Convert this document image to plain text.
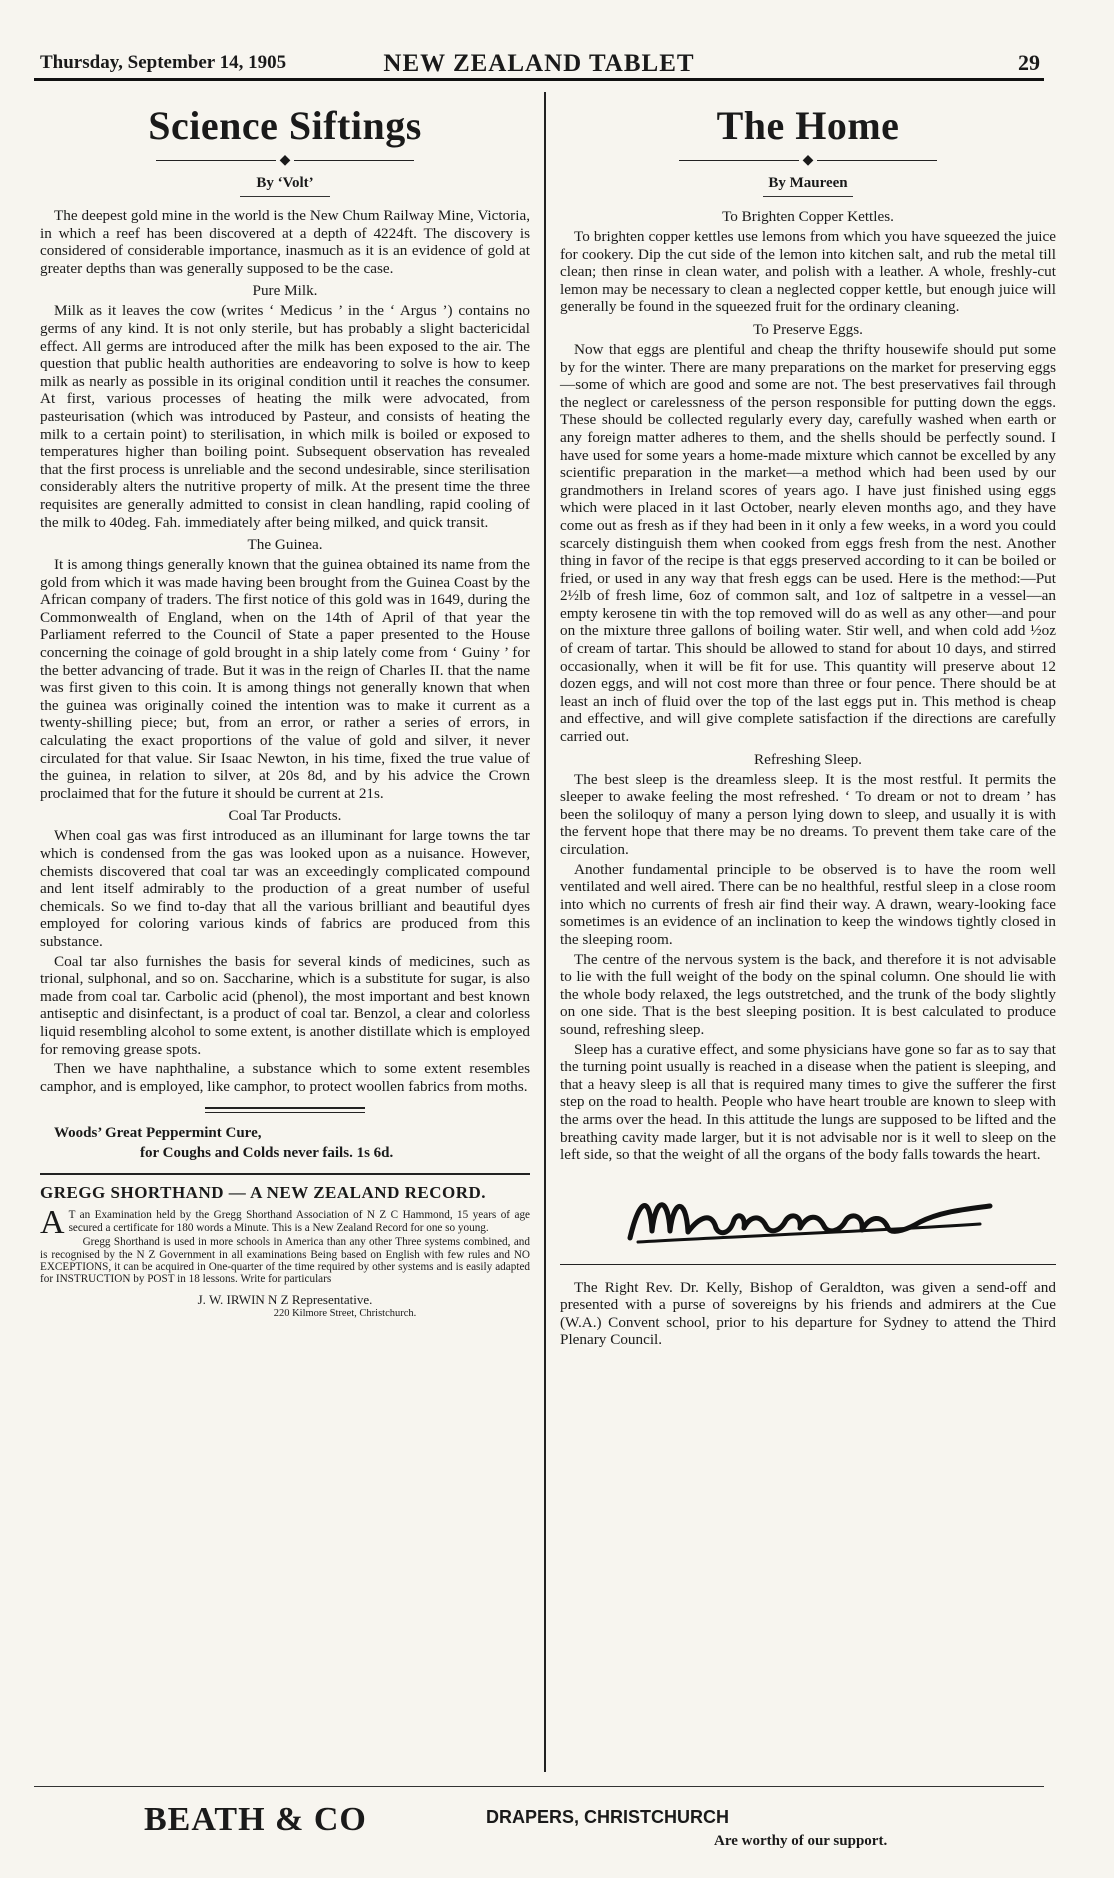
Thursday, September 14, 1905	NEW ZEALAND TABLET	29
Science Siftings
◆
By ‘Volt’

The deepest gold mine in the world is the New Chum Railway Mine, Victoria, in which a reef has been discovered at a depth of 4224ft. The discovery is considered of considerable importance, inasmuch as it is an evidence of gold at greater depths than was generally supposed to be the case.

Pure Milk.

Milk as it leaves the cow (writes ‘ Medicus ’ in the ‘ Argus ’) contains no germs of any kind. It is not only sterile, but has probably a slight bactericidal effect. All germs are introduced after the milk has been exposed to the air. The question that public health authorities are endeavoring to solve is how to keep milk as nearly as possible in its original condition until it reaches the consumer. At first, various processes of heating the milk were advocated, from pasteurisation (which was introduced by Pasteur, and consists of heating the milk to a certain point) to sterilisation, in which milk is boiled or exposed to temperatures higher than boiling point. Subsequent observation has revealed that the first process is unreliable and the second undesirable, since sterilisation considerably alters the nutritive property of milk. At the present time the three requisites are generally admitted to consist in clean handling, rapid cooling of the milk to 40deg. Fah. immediately after being milked, and quick transit.

The Guinea.

It is among things generally known that the guinea obtained its name from the gold from which it was made having been brought from the Guinea Coast by the African company of traders. The first notice of this gold was in 1649, during the Commonwealth of England, when on the 14th of April of that year the Parliament referred to the Council of State a paper presented to the House concerning the coinage of gold brought in a ship lately come from ‘ Guiny ’ for the better advancing of trade. But it was in the reign of Charles II. that the name was first given to this coin. It is among things not generally known that when the guinea was originally coined the intention was to make it current as a twenty-shilling piece; but, from an error, or rather a series of errors, in calculating the exact proportions of the value of gold and silver, it never circulated for that value. Sir Isaac Newton, in his time, fixed the true value of the guinea, in relation to silver, at 20s 8d, and by his advice the Crown proclaimed that for the future it should be current at 21s.

Coal Tar Products.

When coal gas was first introduced as an illuminant for large towns the tar which is condensed from the gas was looked upon as a nuisance. However, chemists discovered that coal tar was an exceedingly complicated compound and lent itself admirably to the production of a great number of useful chemicals. So we find to-day that all the various brilliant and beautiful dyes employed for coloring various kinds of fabrics are produced from this substance.

Coal tar also furnishes the basis for several kinds of medicines, such as trional, sulphonal, and so on. Saccharine, which is a substitute for sugar, is also made from coal tar. Carbolic acid (phenol), the most important and best known antiseptic and disinfectant, is a product of coal tar. Benzol, a clear and colorless liquid resembling alcohol to some extent, is another distillate which is employed for removing grease spots.

Then we have naphthaline, a substance which to some extent resembles camphor, and is employed, like camphor, to protect woollen fabrics from moths.

Woods’ Great Peppermint Cure,
for Coughs and Colds never fails. 1s 6d.
GREGG SHORTHAND — A NEW ZEALAND RECORD.

A T an Examination held by the Gregg Shorthand Association of N Z C Hammond, 15 years of age secured a certificate for 180 words a Minute. This is a New Zealand Record for one so young.

Gregg Shorthand is used in more schools in America than any other Three systems combined, and is recognised by the N Z Government in all examinations Being based on English with few rules and NO EXCEPTIONS, it can be acquired in One-quarter of the time required by other systems and is easily adapted for INSTRUCTION by POST in 18 lessons. Write for particulars

J. W. IRWIN N Z Representative.
220 Kilmore Street, Christchurch.
The Home
◆
By Maureen
To Brighten Copper Kettles.

To brighten copper kettles use lemons from which you have squeezed the juice for cookery. Dip the cut side of the lemon into kitchen salt, and rub the metal till clean; then rinse in clean water, and polish with a leather. A whole, freshly-cut lemon may be necessary to clean a neglected copper kettle, but enough juice will generally be found in the squeezed fruit for the ordinary cleaning.

To Preserve Eggs.

Now that eggs are plentiful and cheap the thrifty housewife should put some by for the winter. There are many preparations on the market for preserving eggs—some of which are good and some are not. The best preservatives fail through the neglect or carelessness of the person responsible for putting down the eggs. These should be collected regularly every day, carefully washed when earth or any foreign matter adheres to them, and the shells should be perfectly sound. I have used for some years a home-made mixture which cannot be excelled by any scientific preparation in the market—a method which had been used by our grandmothers in Ireland scores of years ago. I have just finished using eggs which were placed in it last October, nearly eleven months ago, and they have come out as fresh as if they had been in it only a few weeks, in a word you could scarcely distinguish them when cooked from eggs fresh from the nest. Another thing in favor of the recipe is that eggs preserved according to it can be boiled or fried, or used in any way that fresh eggs can be used. Here is the method:—Put 2½lb of fresh lime, 6oz of common salt, and 1oz of saltpetre in a vessel—an empty kerosene tin with the top removed will do as well as any other—and pour on the mixture three gallons of boiling water. Stir well, and when cold add ½oz of cream of tartar. This should be allowed to stand for about 10 days, and stirred occasionally, when it will be fit for use. This quantity will preserve about 12 dozen eggs, and will not cost more than three or four pence. There should be at least an inch of fluid over the top of the last eggs put in. This method is cheap and effective, and will give complete satisfaction if the directions are carefully carried out.

Refreshing Sleep.

The best sleep is the dreamless sleep. It is the most restful. It permits the sleeper to awake feeling the most refreshed. ‘ To dream or not to dream ’ has been the soliloquy of many a person lying down to sleep, and usually it is with the fervent hope that there may be no dreams. To prevent them take care of the circulation.

Another fundamental principle to be observed is to have the room well ventilated and well aired. There can be no healthful, restful sleep in a close room into which no currents of fresh air find their way. A drawn, weary-looking face sometimes is an evidence of an inclination to keep the windows tightly closed in the sleeping room.

The centre of the nervous system is the back, and therefore it is not advisable to lie with the full weight of the body on the spinal column. One should lie with the whole body relaxed, the legs outstretched, and the trunk of the body slightly on one side. That is the best sleeping position. It is best calculated to produce sound, refreshing sleep.

Sleep has a curative effect, and some physicians have gone so far as to say that the turning point usually is reached in a disease when the patient is sleeping, and that a heavy sleep is all that is required many times to give the sufferer the first step on the road to health. People who have heart trouble are known to sleep with the arms over the head. In this attitude the lungs are supposed to be lifted and the breathing cavity made larger, but it is not advisable nor is it well to sleep on the left side, so that the weight of all the organs of the body falls towards the heart.

The Right Rev. Dr. Kelly, Bishop of Geraldton, was given a send-off and presented with a purse of sovereigns by his friends and admirers at the Cue (W.A.) Convent school, prior to his departure for Sydney to attend the Third Plenary Council.

BEATH & CO	DRAPERS, CHRISTCHURCH
Are worthy of our support.
